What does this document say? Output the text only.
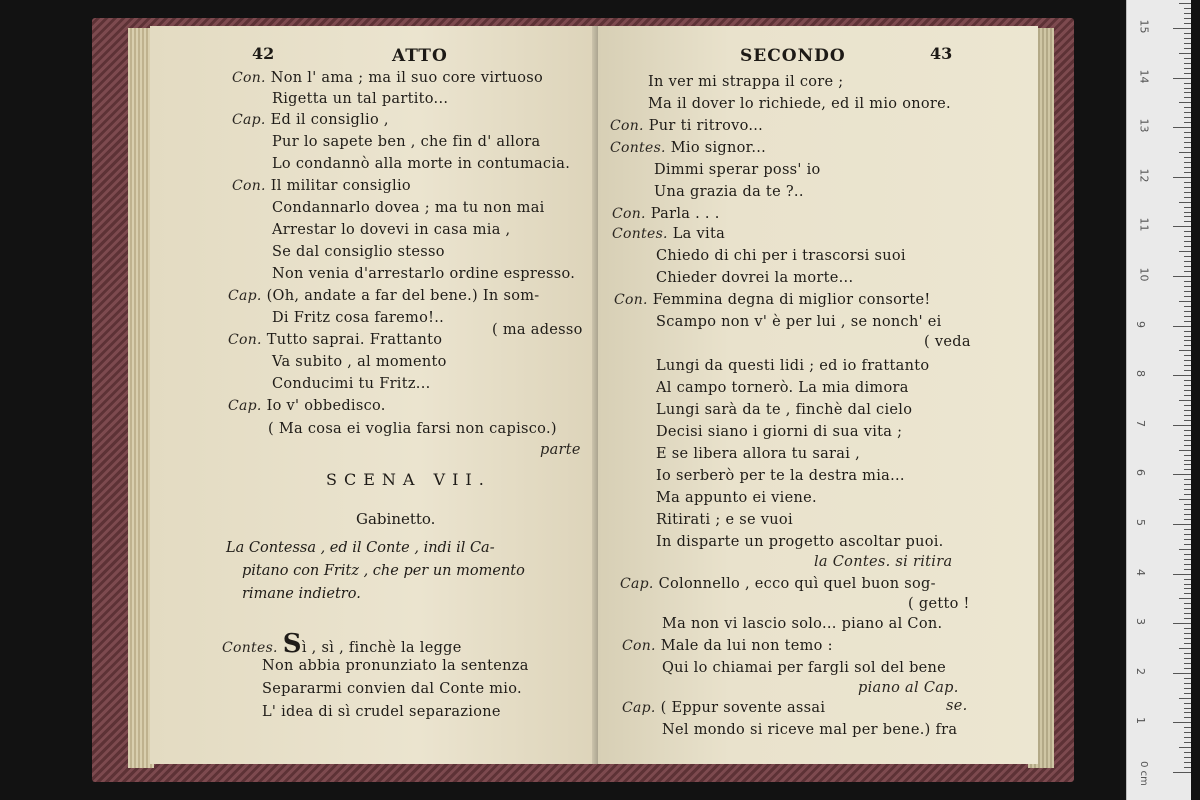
42	ATTO
Con. Non l' ama ; ma il suo core virtuoso
Rigetta un tal partito...
Cap. Ed il consiglio ,
Pur lo sapete ben , che fin d' allora
Lo condannò alla morte in contumacia.
Con. Il militar consiglio
Condannarlo dovea ; ma tu non mai
Arrestar lo dovevi in casa mia ,
Se dal consiglio stesso
Non venia d'arrestarlo ordine espresso.
Cap. (Oh, andate a far del bene.) In som-
Di Fritz cosa faremo!..
( ma adesso
Con. Tutto saprai. Frattanto
Va subito , al momento
Conducimi tu Fritz...
Cap. Io v' obbedisco.
( Ma cosa ei voglia farsi non capisco.)
parte
SCENA VII.
Gabinetto.
La Contessa , ed il Conte , indi il Ca-
pitano con Fritz , che per un momento
rimane indietro.
Contes. Sì , sì , finchè la legge
Non abbia pronunziato la sentenza
Separarmi convien dal Conte mio.
L' idea di sì crudel separazione
SECONDO	43
In ver mi strappa il core ;
Ma il dover lo richiede, ed il mio onore.
Con. Pur ti ritrovo...
Contes. Mio signor...
Dimmi sperar poss' io
Una grazia da te ?..
Con. Parla . . .
Contes. La vita
Chiedo di chi per i trascorsi suoi
Chieder dovrei la morte...
Con. Femmina degna di miglior consorte!
Scampo non v' è per lui , se nonch' ei
( veda
Lungi da questi lidi ; ed io frattanto
Al campo tornerò. La mia dimora
Lungi sarà da te , finchè dal cielo
Decisi siano i giorni di sua vita ;
E se libera allora tu sarai ,
Io serberò per te la destra mia...
Ma appunto ei viene.
Ritirati ; e se vuoi
In disparte un progetto ascoltar puoi.
la Contes. si ritira
Cap. Colonnello , ecco quì quel buon sog-
( getto !
Ma non vi lascio solo... piano al Con.
Con. Male da lui non temo :
Qui lo chiamai per fargli sol del bene
piano al Cap.
Cap. ( Eppur sovente assai	se.
Nel mondo si riceve mal per bene.) fra
0 cm
1
2
3
4
5
6
7
8
9
10
11
12
13
14
15
